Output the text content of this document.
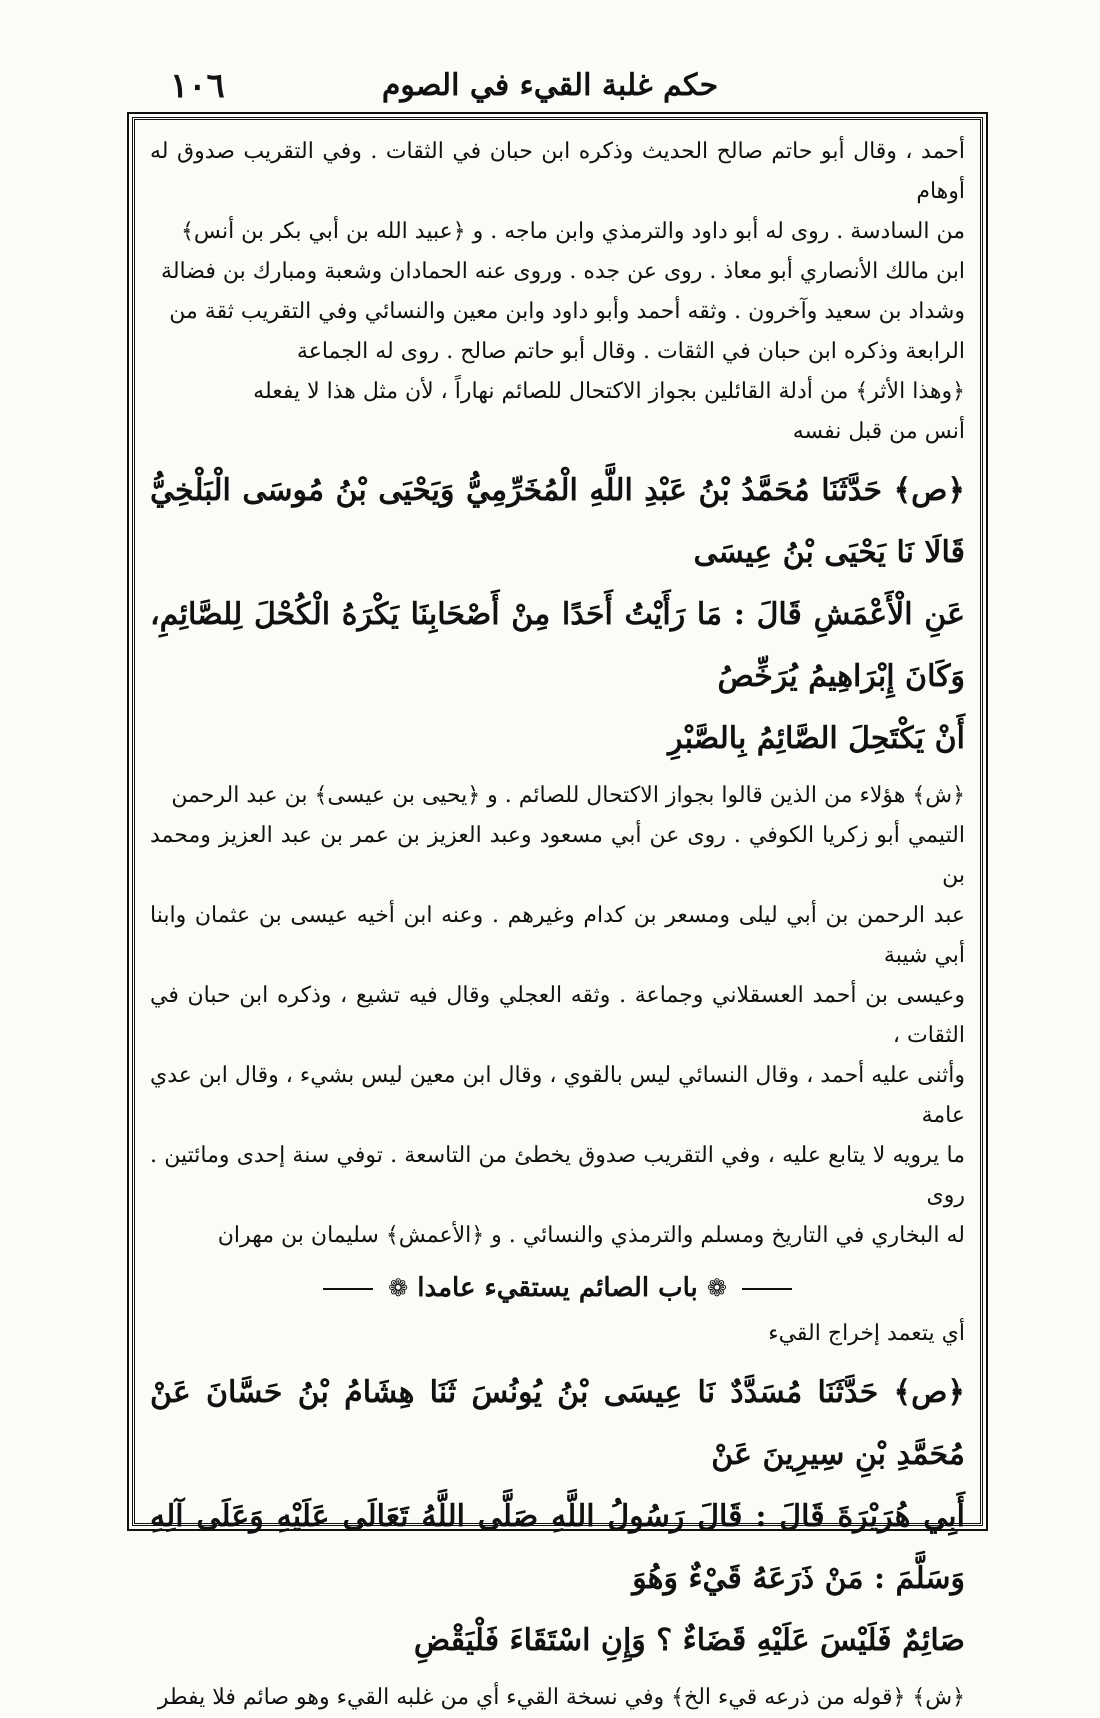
١٠٦	حكم غلبة القيء في الصوم

أحمد ، وقال أبو حاتم صالح الحديث وذكره ابن حبان في الثقات . وفي التقريب صدوق له أوهام

من السادسة . روى له أبو داود والترمذي وابن ماجه . و ﴿عبيد الله بن أبي بكر بن أنس﴾

ابن مالك الأنصاري أبو معاذ . روى عن جده . وروى عنه الحمادان وشعبة ومبارك بن فضالة

وشداد بن سعيد وآخرون . وثقه أحمد وأبو داود وابن معين والنسائي وفي التقريب ثقة من

الرابعة وذكره ابن حبان في الثقات . وقال أبو حاتم صالح . روى له الجماعة

﴿وهذا الأثر﴾ من أدلة القائلين بجواز الاكتحال للصائم نهاراً ، لأن مثل هذا لا يفعله

أنس من قبل نفسه

﴿ص﴾ حَدَّثَنَا مُحَمَّدُ بْنُ عَبْدِ اللَّهِ الْمُخَرِّمِيُّ وَيَحْيَى بْنُ مُوسَى الْبَلْخِيُّ قَالَا نَا يَحْيَى بْنُ عِيسَى

عَنِ الْأَعْمَشِ قَالَ : مَا رَأَيْتُ أَحَدًا مِنْ أَصْحَابِنَا يَكْرَهُ الْكُحْلَ لِلصَّائِمِ، وَكَانَ إِبْرَاهِيمُ يُرَخِّصُ

أَنْ يَكْتَحِلَ الصَّائِمُ بِالصَّبْرِ

﴿ش﴾ هؤلاء من الذين قالوا بجواز الاكتحال للصائم . و ﴿يحيى بن عيسى﴾ بن عبد الرحمن

التيمي أبو زكريا الكوفي . روى عن أبي مسعود وعبد العزيز بن عمر بن عبد العزيز ومحمد بن

عبد الرحمن بن أبي ليلى ومسعر بن كدام وغيرهم . وعنه ابن أخيه عيسى بن عثمان وابنا أبي شيبة

وعيسى بن أحمد العسقلاني وجماعة . وثقه العجلي وقال فيه تشيع ، وذكره ابن حبان في الثقات ،

وأثنى عليه أحمد ، وقال النسائي ليس بالقوي ، وقال ابن معين ليس بشيء ، وقال ابن عدي عامة

ما يرويه لا يتابع عليه ، وفي التقريب صدوق يخطئ من التاسعة . توفي سنة إحدى ومائتين . روى

له البخاري في التاريخ ومسلم والترمذي والنسائي . و ﴿الأعمش﴾ سليمان بن مهران

❁ باب الصائم يستقيء عامدا ❁
أي يتعمد إخراج القيء

﴿ص﴾ حَدَّثَنَا مُسَدَّدٌ نَا عِيسَى بْنُ يُونُسَ ثَنَا هِشَامُ بْنُ حَسَّانَ عَنْ مُحَمَّدِ بْنِ سِيرِينَ عَنْ

أَبِي هُرَيْرَةَ قَالَ : قَالَ رَسُولُ اللَّهِ صَلَّى اللَّهُ تَعَالَى عَلَيْهِ وَعَلَى آلِهِ وَسَلَّمَ : مَنْ ذَرَعَهُ قَيْءٌ وَهُوَ

صَائِمٌ فَلَيْسَ عَلَيْهِ قَضَاءٌ ؟ وَإِنِ اسْتَقَاءَ فَلْيَقْضِ

﴿ش﴾ ﴿قوله من ذرعه قيء الخ﴾ وفي نسخة القيء أي من غلبه القيء وهو صائم فلا يفطر
